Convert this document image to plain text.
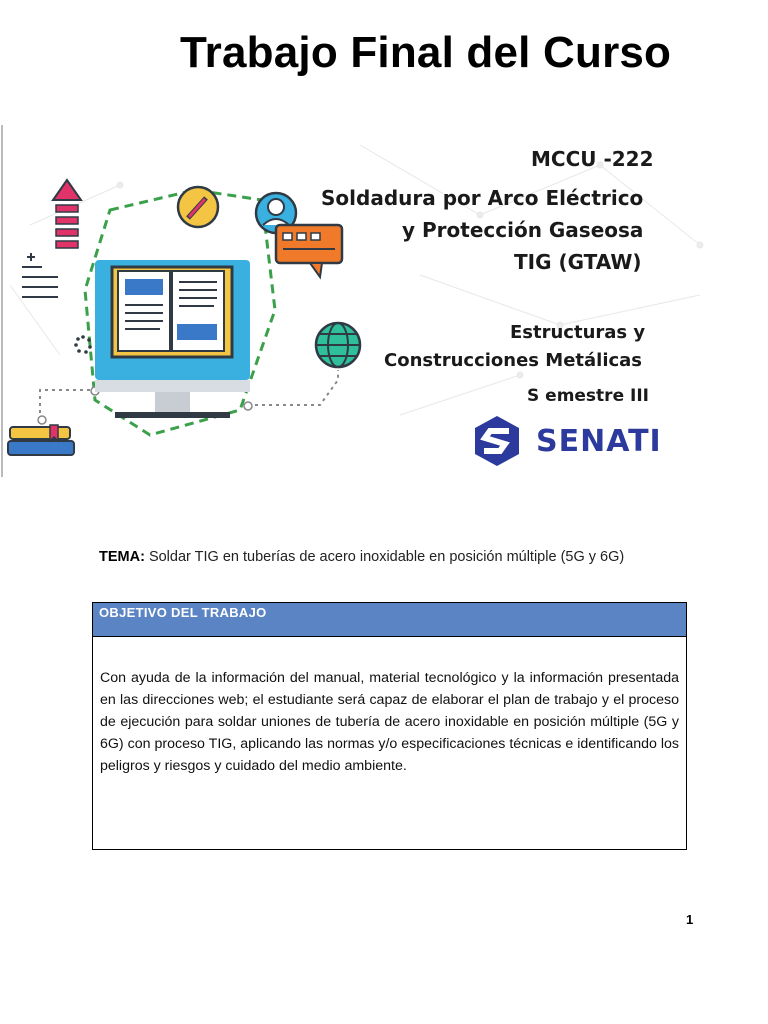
Trabajo Final del Curso
MCCU -222
Soldadura por Arco Eléctrico
y Protección Gaseosa
TIG (GTAW)
Estructuras y
Construcciones Metálicas
S emestre III
SENATI
TEMA: Soldar TIG en tuberías de acero inoxidable en posición múltiple (5G y 6G)
OBJETIVO DEL TRABAJO
Con ayuda de la información del manual, material tecnológico y la información presentada en las direcciones web; el estudiante será capaz de elaborar el plan de trabajo y el proceso de ejecución para soldar uniones de tubería de acero inoxidable en posición múltiple (5G y 6G) con proceso TIG, aplicando las normas y/o especificaciones técnicas e identificando los peligros y riesgos y cuidado del medio ambiente.
1
